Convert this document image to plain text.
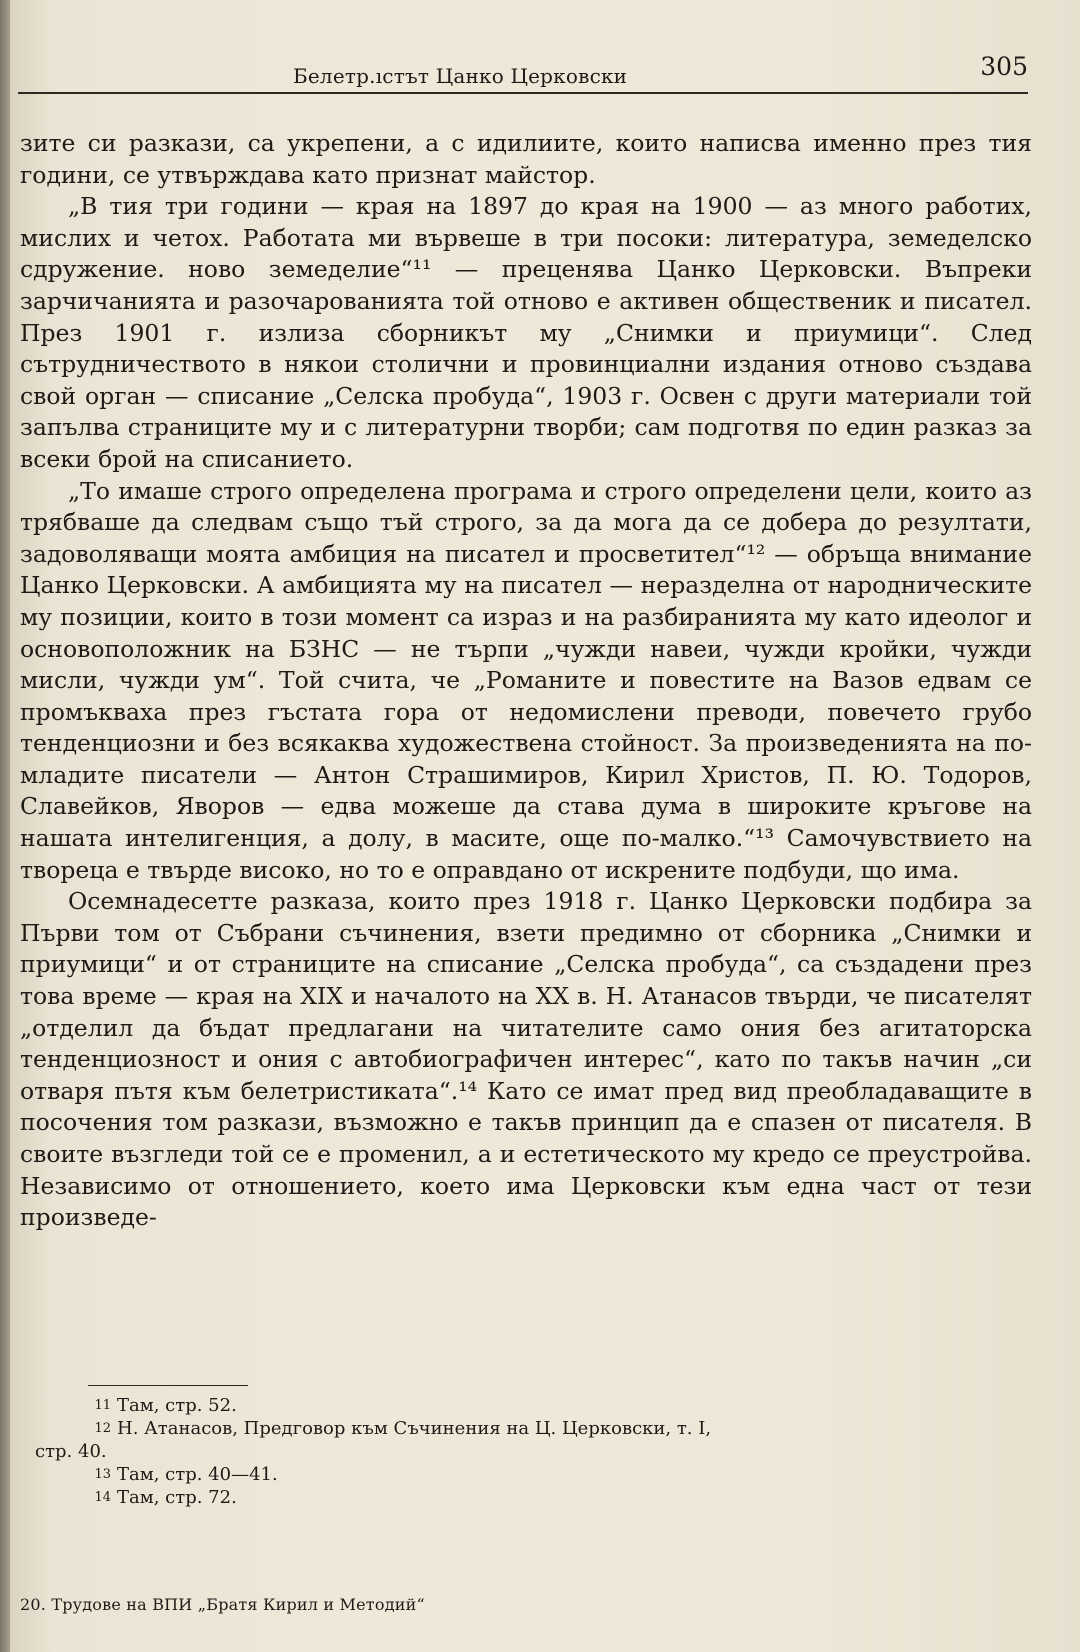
Белетр.ıстът Цанко Церковски	305

зите си разкази, са укрепени, а с идилиите, които написва именно през тия години, се утвърждава като признат майстор.

„В тия три години — края на 1897 до края на 1900 — аз много работих, мислих и четох. Работата ми вървеше в три посоки: литература, земеделско сдружение. ново земеделие“¹¹ — преценява Цанко Церковски. Въпреки зарчичанията и разочарованията той отново е активен общественик и писател. През 1901 г. излиза сборникът му „Снимки и приумици“. След сътрудничеството в някои столични и провинциални издания отново създава свой орган — списание „Селска пробуда“, 1903 г. Освен с други материали той запълва страниците му и с литературни творби; сам подготвя по един разказ за всеки брой на списанието.

„То имаше строго определена програма и строго определени цели, които аз трябваше да следвам също тъй строго, за да мога да се добера до резултати, задоволяващи моята амбиция на писател и просветител“¹² — обръща внимание Цанко Церковски. А амбицията му на писател — неразделна от народническите му позиции, които в този момент са израз и на разбиранията му като идеолог и основоположник на БЗНС — не търпи „чужди навеи, чужди кройки, чужди мисли, чужди ум“. Той счита, че „Романите и повестите на Вазов едвам се промъкваха през гъстата гора от недомислени преводи, повечето грубо тенденциозни и без всякаква художествена стойност. За произведенията на по-младите писатели — Антон Страшимиров, Кирил Христов, П. Ю. Тодоров, Славейков, Яворов — едва можеше да става дума в широките кръгове на нашата интелигенция, а долу, в масите, още по-малко.“¹³ Самочувствието на твореца е твърде високо, но то е оправдано от искрените подбуди, що има.

Осемнадесетте разказа, които през 1918 г. Цанко Церковски подбира за Първи том от Събрани съчинения, взети предимно от сборника „Снимки и приумици“ и от страниците на списание „Селска пробуда“, са създадени през това време — края на XIX и началото на XX в. Н. Атанасов твърди, че писателят „отделил да бъдат предлагани на читателите само ония без агитаторска тенденциозност и ония с автобиографичен интерес“, като по такъв начин „си отваря пътя към белетристиката“.¹⁴ Като се имат пред вид преобладаващите в посочения том разкази, възможно е такъв принцип да е спазен от писателя. В своите възгледи той се е променил, а и естетическото му кредо се преустройва. Независимо от отношението, което има Церковски към една част от тези произведе-

11 Там, стр. 52.

12 Н. Атанасов, Предговор към Съчинения на Ц. Церковски, т. I,

стр. 40.

13 Там, стр. 40—41.

14 Там, стр. 72.

20. Трудове на ВПИ „Братя Кирил и Методий“
